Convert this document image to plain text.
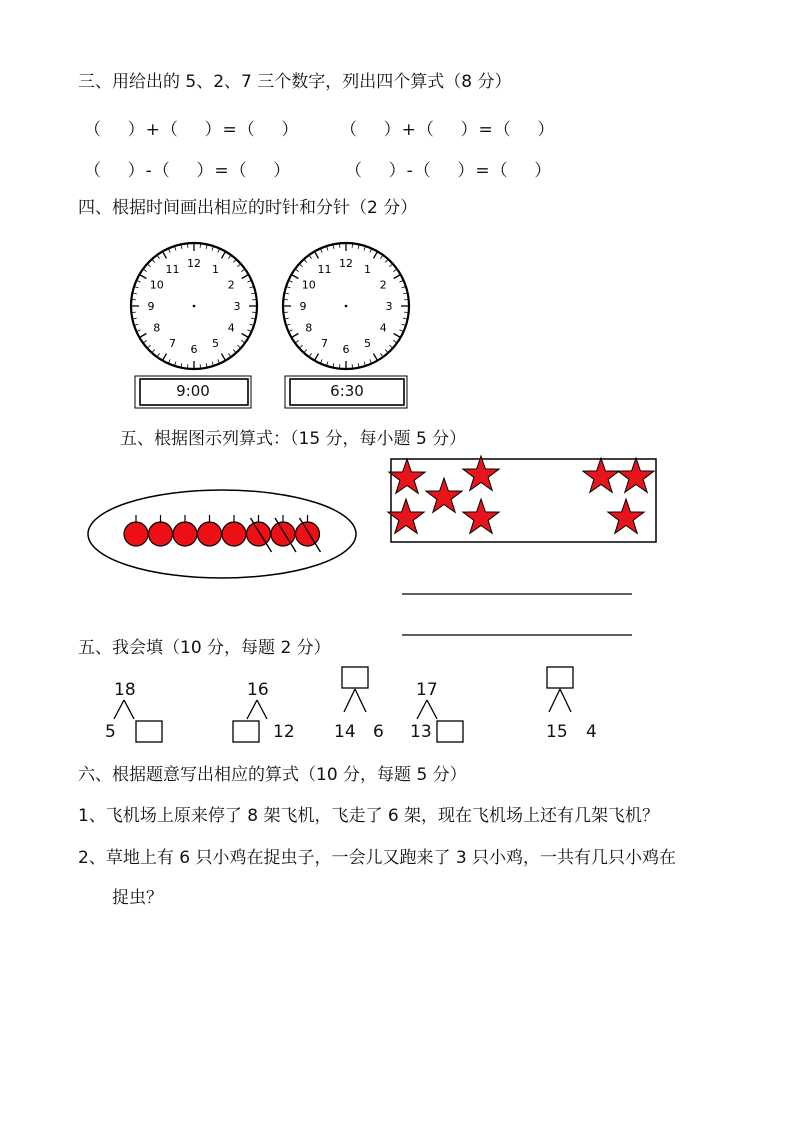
三、用给出的 5、2、7 三个数字，列出四个算式（8 分）
（    ）+（    ）=（    ） （    ）+（    ）=（    ）
（    ）-（    ）=（    ）	（    ）-（    ）=（    ）
四、根据时间画出相应的时针和分针（2 分）
12 1
2
3
4
5
6
7
8
9
10
11	12 1
2
3
4
5
6
7
8
9
10
11
9:00	6:30
五、根据图示列算式：（15 分，每小题 5 分）
五、我会填（10 分，每题 2 分）
18
5
16
12 14 6
17
13	15 4
六、根据题意写出相应的算式（10 分，每题 5 分）
1、飞机场上原来停了 8 架飞机，飞走了 6 架，现在飞机场上还有几架飞机？
2、草地上有 6 只小鸡在捉虫子，一会儿又跑来了 3 只小鸡，一共有几只小鸡在
捉虫？
